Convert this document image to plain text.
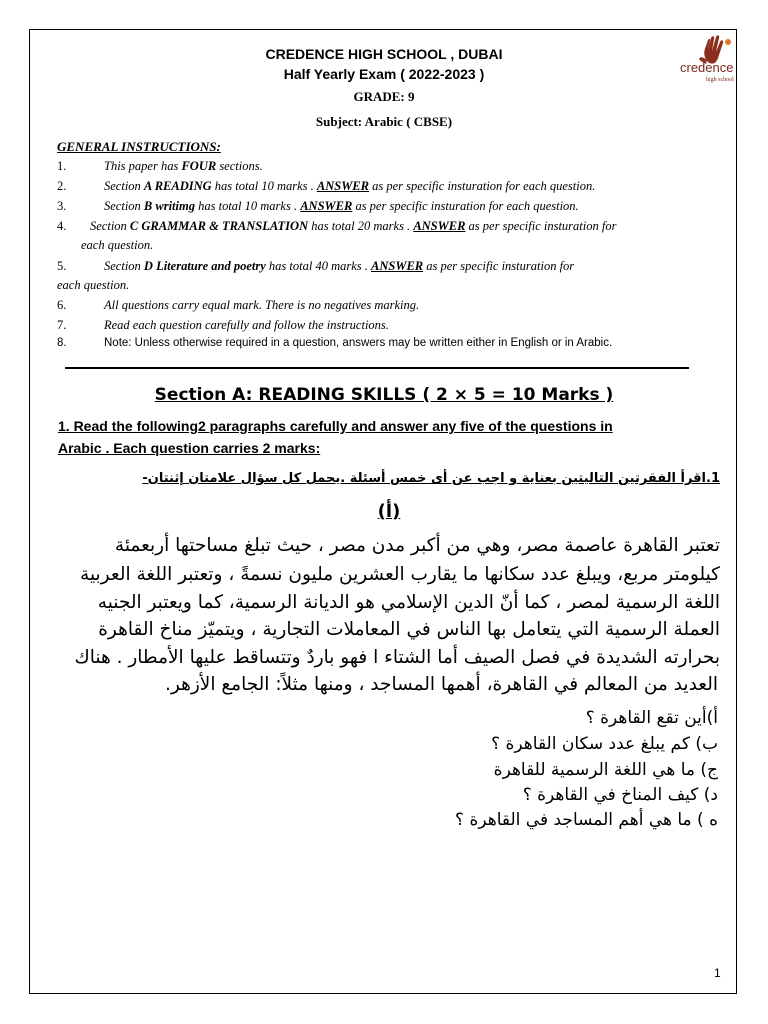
credence
high school
CREDENCE HIGH SCHOOL , DUBAI
Half Yearly Exam ( 2022-2023 )
GRADE: 9
Subject: Arabic ( CBSE)
GENERAL INSTRUCTIONS:
1.	This paper has FOUR sections.
2.	Section A READING has total 10 marks . ANSWER as per specific insturation for each question.
3.	Section B writimg has total 10 marks . ANSWER as per specific insturation for each question.
4. Section C GRAMMAR & TRANSLATION has total 20 marks . ANSWER as per specific insturation for
each question.
5.	Section D Literature and poetry has total 40 marks . ANSWER as per specific insturation for
each question.
6.	All questions carry equal mark. There is no negatives marking.
7.	Read each question carefully and follow the instructions.
8.	Note: Unless otherwise required in a question, answers may be written either in English or in Arabic.
Section A: READING SKILLS ( 2 × 5 = 10 Marks )
1. Read the following2 paragraphs carefully and answer any five of the questions in
Arabic . Each question carries 2 marks:
1.اقرأ الفقرتين التاليتين بعناية و اجب عن أى خمس أسئلة .يحمل كل سؤال علامتان إثنتان-
(أ)
تعتبر القاهرة عاصمة مصر، وهي من أكبر مدن مصر ، حيث تبلغ مساحتها أربعمئة
كيلومتر مربع، ويبلغ عدد سكانها ما يقارب العشرين مليون نسمةً ، وتعتبر اللغة العربية
اللغة الرسمية لمصر ، كما أنّ الدين الإسلامي هو الديانة الرسمية، كما ويعتبر الجنيه
العملة الرسمية التي يتعامل بها الناس في المعاملات التجارية ، ويتميّز مناخ القاهرة
بحرارته الشديدة في فصل الصيف أما الشتاء ا فهو باردٌ وتتساقط عليها الأمطار . هناك
العديد من المعالم في القاهرة، أهمها المساجد ، ومنها مثلاً: الجامع الأزهر.
أ)أين تقع القاهرة ؟
ب) كم يبلغ عدد سكان القاهرة ؟
ج) ما هي اللغة الرسمية للقاهرة
د) كيف المناخ في القاهرة ؟
ه ) ما هي أهم المساجد في القاهرة ؟
1
